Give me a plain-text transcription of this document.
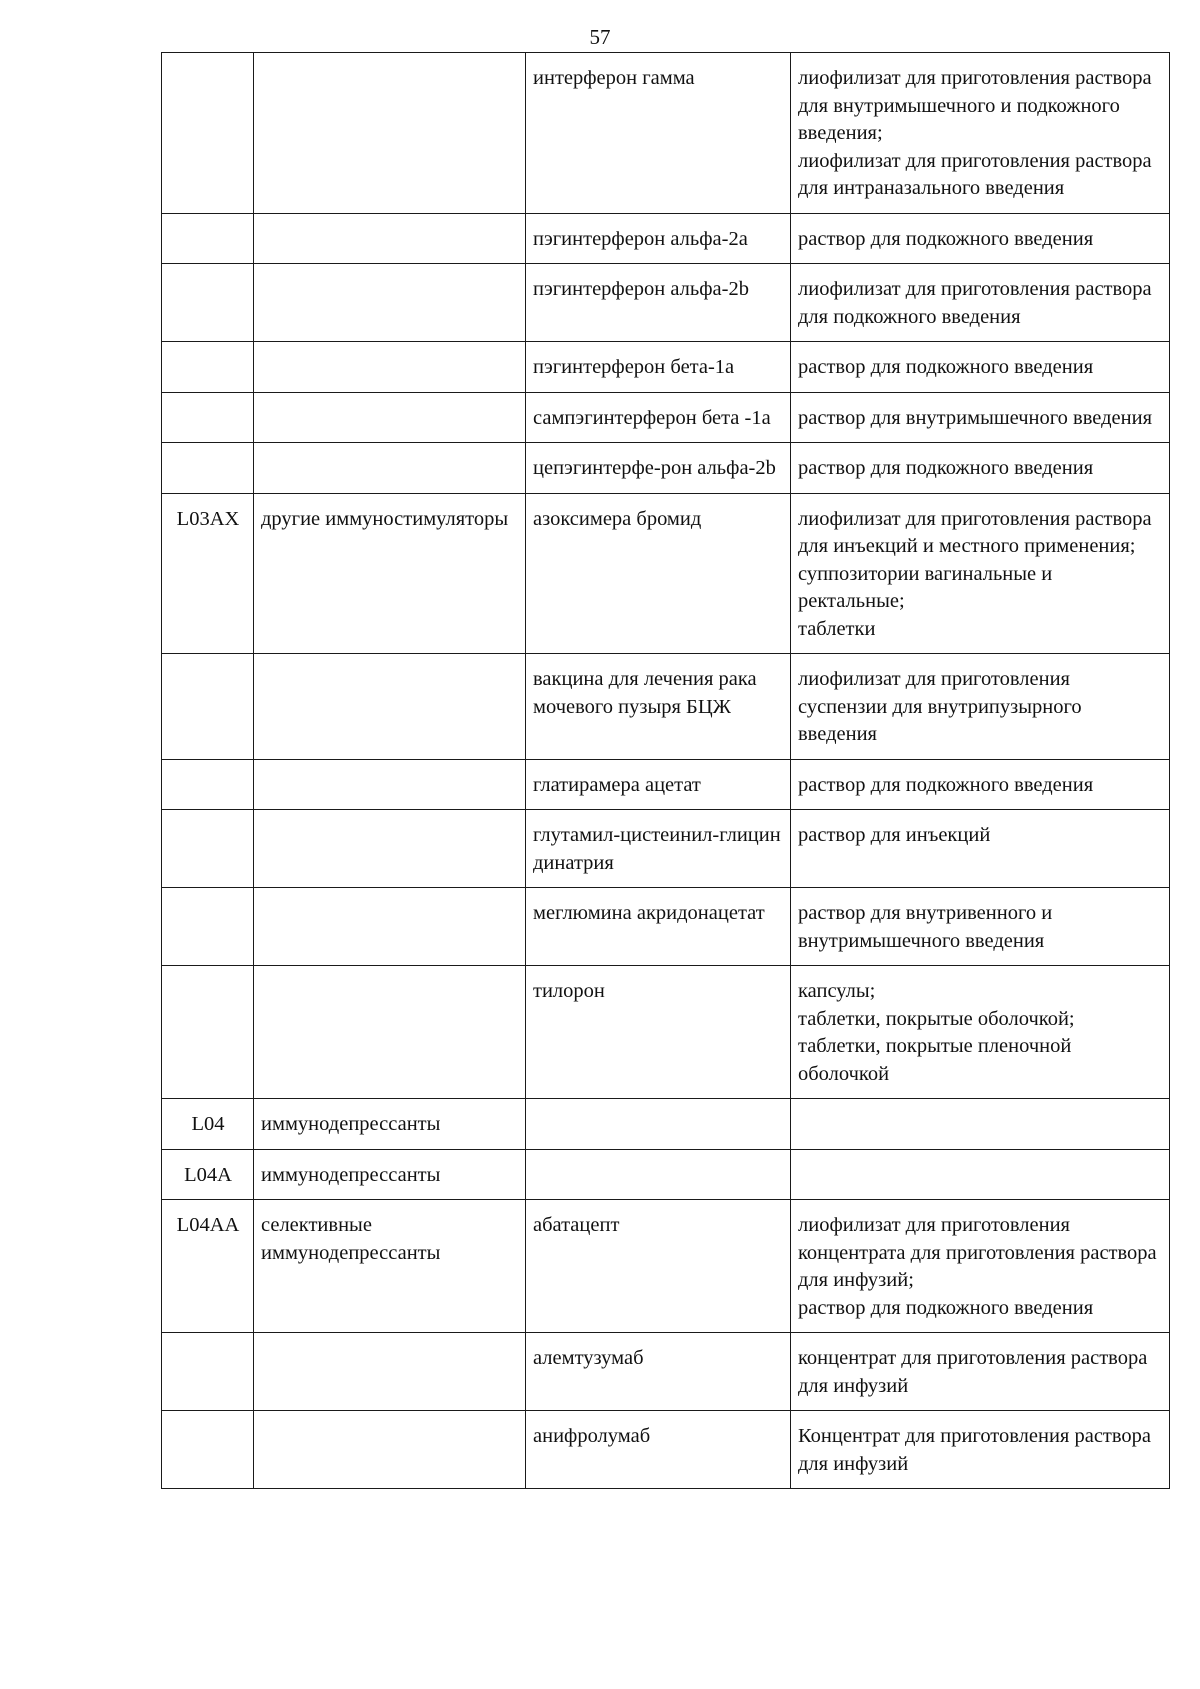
57
		интерферон гамма	лиофилизат для приготовления раствора для внутримышечного и подкожного введения;
лиофилизат для приготовления раствора для интраназального введения
		пэгинтерферон альфа-2а	раствор для подкожного введения
		пэгинтерферон альфа-2b	лиофилизат для приготовления раствора для подкожного введения
		пэгинтерферон бета-1а	раствор для подкожного введения
		сампэгинтерферон бета -1а	раствор для внутримышечного введения
		цепэгинтерфе-рон альфа-2b	раствор для подкожного введения
L03AX	другие иммуностимуляторы	азоксимера бромид	лиофилизат для приготовления раствора для инъекций и местного применения;
суппозитории вагинальные и ректальные;
таблетки
		вакцина для лечения рака мочевого пузыря БЦЖ	лиофилизат для приготовления суспензии для внутрипузырного введения
		глатирамера ацетат	раствор для подкожного введения
		глутамил-цистеинил-глицин динатрия	раствор для инъекций
		меглюмина акридонацетат	раствор для внутривенного и внутримышечного введения
		тилорон	капсулы;
таблетки, покрытые оболочкой;
таблетки, покрытые пленочной оболочкой
L04	иммунодепрессанты		
L04A	иммунодепрессанты		
L04AA	селективные иммунодепрессанты	абатацепт	лиофилизат для приготовления концентрата для приготовления раствора для инфузий;
раствор для подкожного введения
		алемтузумаб	концентрат для приготовления раствора для инфузий
		анифролумаб	Концентрат для приготовления раствора для инфузий
